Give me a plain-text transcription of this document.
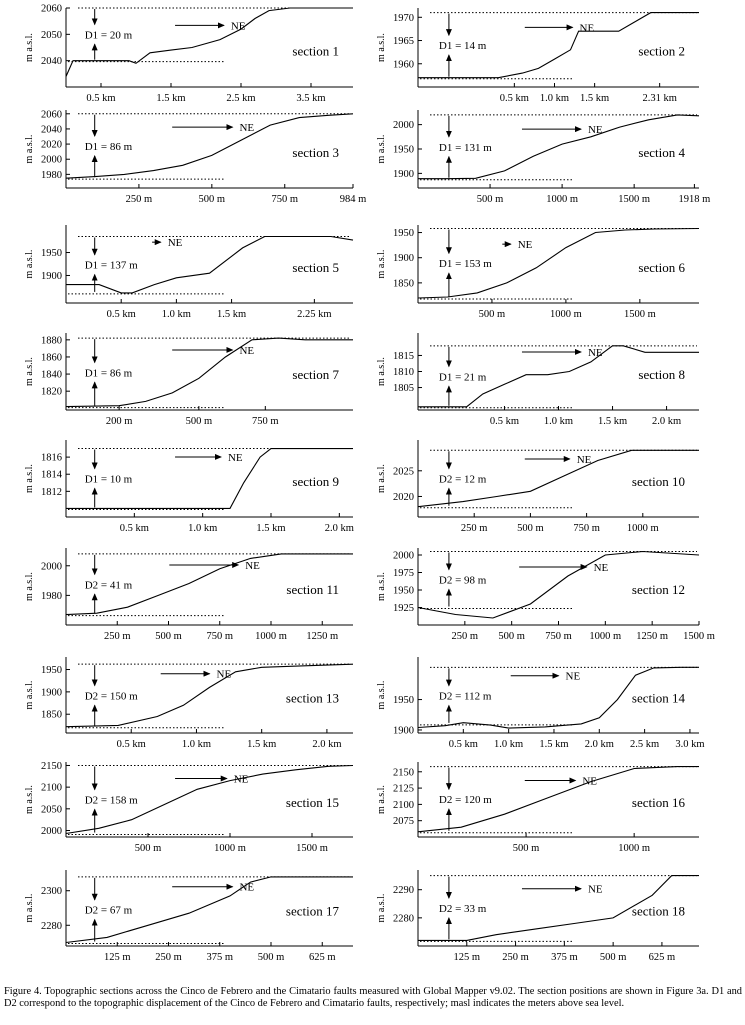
2040
2050
2060
0.5 km	1.5 km	2.5 km	3.5 km
m a.s.l.	D1 = 20 m
NE
section 1
1960
1965
1970
0.5 km 1.0 km 1.5 km	2.31 km
m a.s.l.	D1 = 14 m
NE
section 2
1980
2000
2020
2040
2060
250 m	500 m	750 m	984 m
m a.s.l.	D1 = 86 m
NE
section 3
1900
1950
2000
500 m	1000 m	1500 m	1918 m
m a.s.l.	D1 = 131 m
NE
section 4
1900
1950
0.5 km 1.0 km 1.5 km	2.25 km
m a.s.l.	D1 = 137 m
NE
section 5
1850
1900
1950
500 m	1000 m	1500 m
m a.s.l.	D1 = 153 m
NE
section 6
1820
1840
1860
1880
200 m	500 m	750 m
m a.s.l.	D1 = 86 m
NE
section 7
1805
1810
1815
0.5 km 1.0 km 1.5 km 2.0 km
m a.s.l.	D1 = 21 m
NE
section 8
1812
1814
1816
0.5 km	1.0 km	1.5 km	2.0 km
m a.s.l.	D1 = 10 m
NE
section 9
2020
2025
250 m	500 m	750 m	1000 m
m a.s.l.	D2 = 12 m
NE
section 10
1980
2000
250 m 500 m 750 m 1000 m 1250 m
m a.s.l.	D2 = 41 m
NE
section 11
1925
1950
1975
2000
250 m 500 m 750 m 1000 m 1250 m 1500 m
m a.s.l.	D2 = 98 m
NE
section 12
1850
1900
1950
0.5 km	1.0 km	1.5 km	2.0 km
m a.s.l.	D2 = 150 m
NE
section 13	1950
1900
0.5 km 1.0 km 1.5 km 2.0 km 2.5 km 3.0 km
m a.s.l.	D2 = 112 m
NE
section 14
2000
2050
2100
2150
500 m	1000 m	1500 m
m a.s.l.	D2 = 158 m
NE
section 15
2075
2100
2125
2150
500 m	1000 m
m a.s.l.	D2 = 120 m
NE
section 16
2280
2300
125 m 250 m 375 m 500 m 625 m
m a.s.l.	D2 = 67 m
NE
section 17
2280
2290
125 m 250 m 375 m 500 m 625 m
m a.s.l.	D2 = 33 m
NE
section 18

Figure 4. Topographic sections across the Cinco de Febrero and the Cimatario faults measured with Global Mapper v9.02. The section positions are shown in Figure 3a. D1 and D2 correspond to the topographic displacement of the Cinco de Febrero and Cimatario faults, respectively; masl indicates the meters above sea level.
